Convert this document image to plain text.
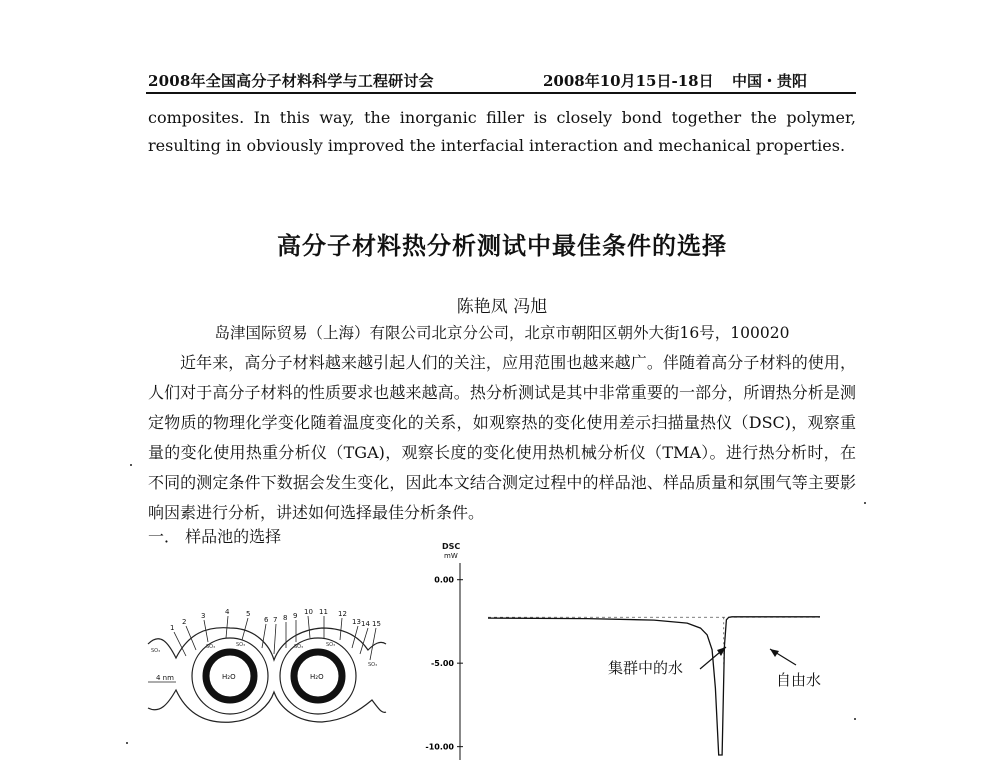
2008年全国高分子材料科学与工程研讨会	2008年10月15日-18日 中国・贵阳
composites. In this way, the inorganic filler is closely bond together the polymer, resulting in obviously improved the interfacial interaction and mechanical properties.
高分子材料热分析测试中最佳条件的选择
陈艳凤 冯旭
岛津国际贸易（上海）有限公司北京分公司，北京市朝阳区朝外大街16号，100020
近年来，高分子材料越来越引起人们的关注，应用范围也越来越广。伴随着高分子材料的使用，人们对于高分子材料的性质要求也越来越高。热分析测试是其中非常重要的一部分，所谓热分析是测定物质的物理化学变化随着温度变化的关系，如观察热的变化使用差示扫描量热仪（DSC)，观察重量的变化使用热重分析仪（TGA)，观察长度的变化使用热机械分析仪（TMA）。进行热分析时，在不同的测定条件下数据会发生变化，因此本文结合测定过程中的样品池、样品质量和氛围气等主要影响因素进行分析，讲述如何选择最佳分析条件。
一． 样品池的选择
1
2
3	4 5
6 7 8 9 10 11 12
13 14 15
4 nm	H₂O	H₂O
SO₃
SO₃	SO₃	SO₃	SO₃
SO₃
DSC
mW
0.00
-5.00
-10.00
集群中的水
自由水
